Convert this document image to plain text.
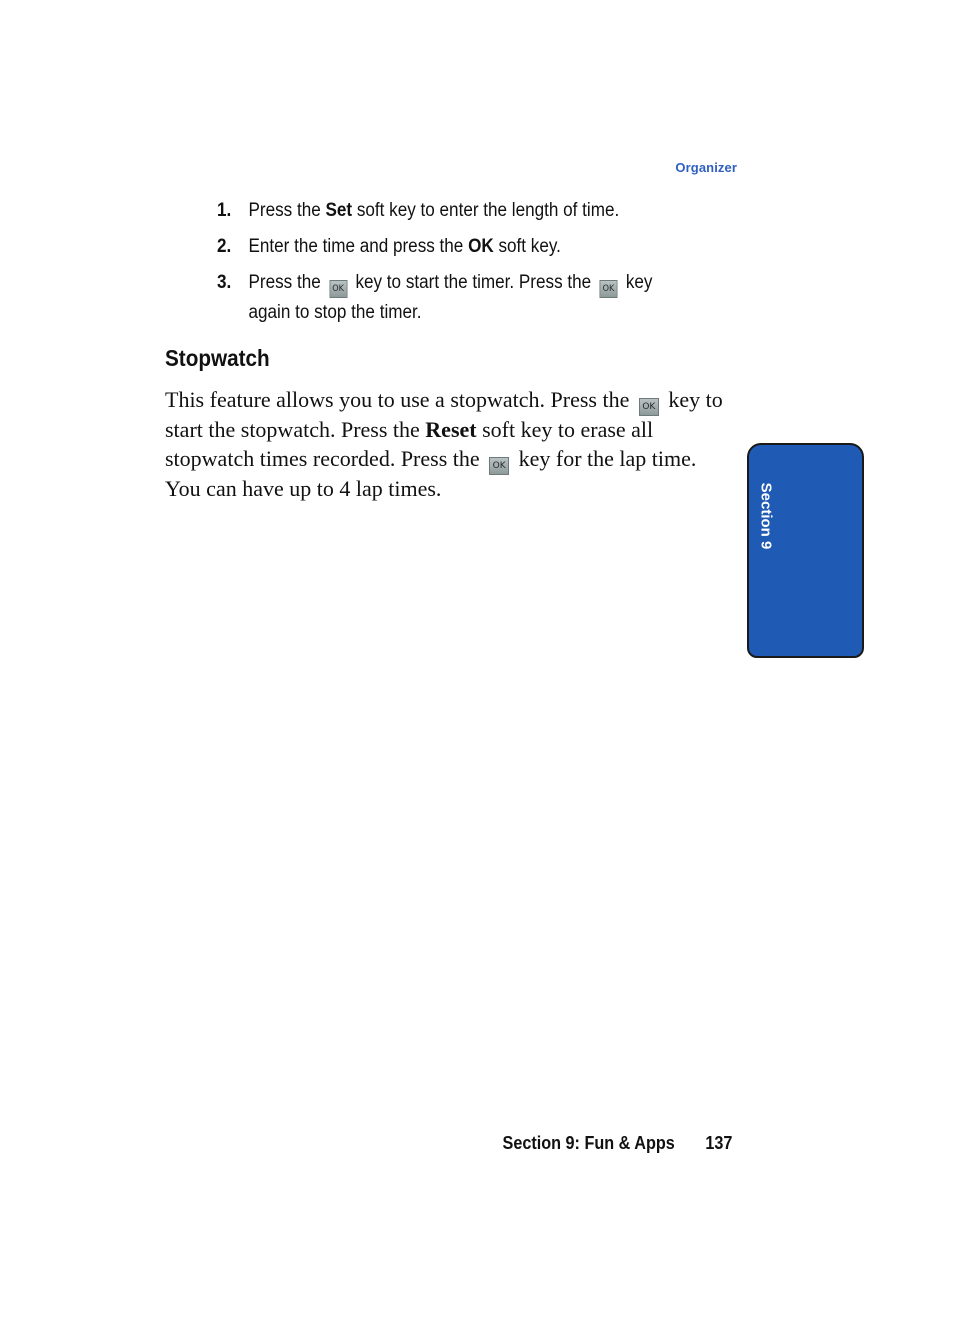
Organizer
1. Press the Set soft key to enter the length of time.
2. Enter the time and press the OK soft key.
3. Press the OK key to start the timer. Press the OK key again to stop the timer.
Stopwatch

This feature allows you to use a stopwatch. Press the OK key to start the stopwatch. Press the Reset soft key to erase all stopwatch times recorded. Press the OK key for the lap time. You can have up to 4 lap times.	Section 9
Section 9: Fun & Apps 137
